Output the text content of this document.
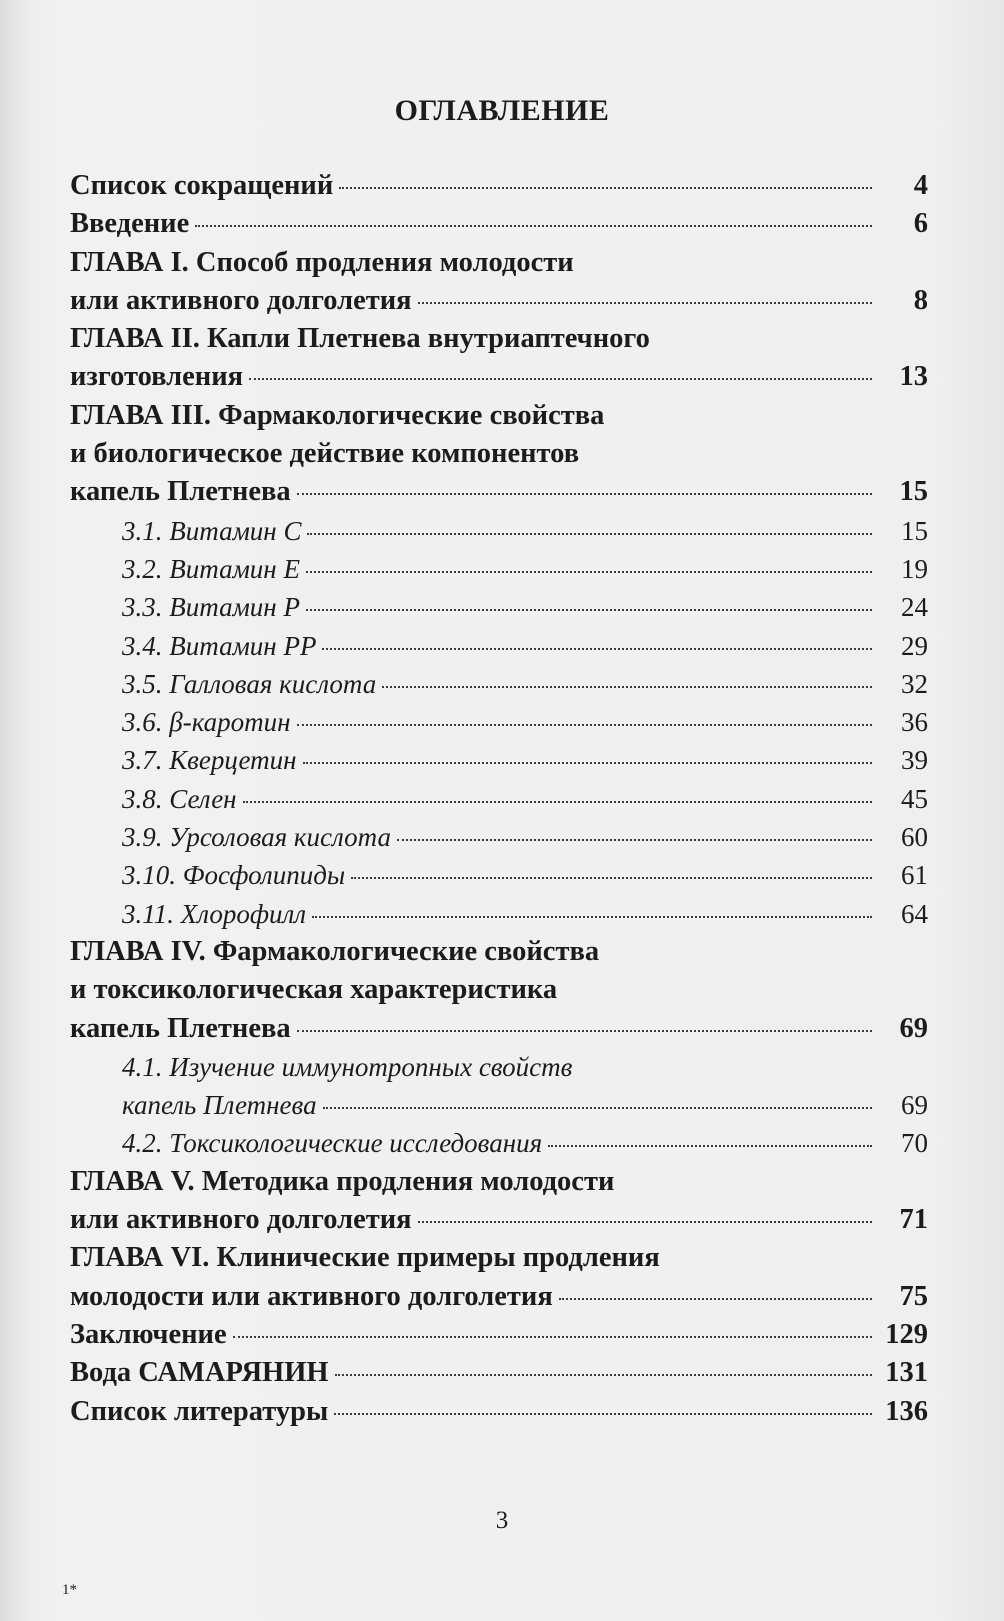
ОГЛАВЛЕНИЕ
Список сокращений	4
Введение	6
ГЛАВА I. Способ продления молодости
или активного долголетия	8
ГЛАВА II. Капли Плетнева внутриаптечного
изготовления	13
ГЛАВА III. Фармакологические свойства
и биологическое действие компонентов
капель Плетнева	15
3.1. Витамин С	15
3.2. Витамин Е	19
3.3. Витамин Р	24
3.4. Витамин РР	29
3.5. Галловая кислота	32
3.6. β-каротин	36
3.7. Кверцетин	39
3.8. Селен	45
3.9. Урсоловая кислота	60
3.10. Фосфолипиды	61
3.11. Хлорофилл	64
ГЛАВА IV. Фармакологические свойства
и токсикологическая характеристика
капель Плетнева	69
4.1. Изучение иммунотропных свойств
капель Плетнева	69
4.2. Токсикологические исследования	70
ГЛАВА V. Методика продления молодости
или активного долголетия	71
ГЛАВА VI. Клинические примеры продления
молодости или активного долголетия	75
Заключение	129
Вода САМАРЯНИН	131
Список литературы	136
3
1*
